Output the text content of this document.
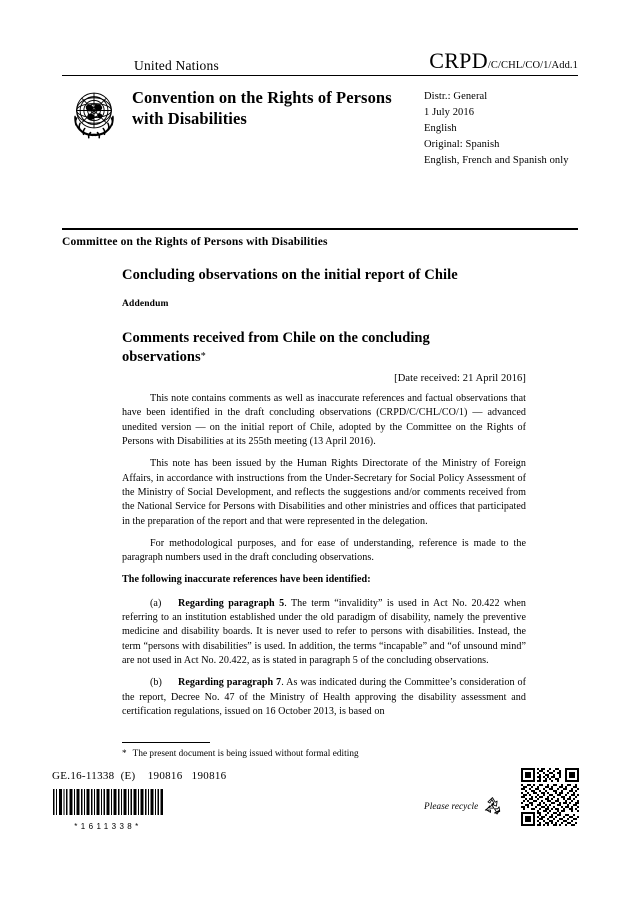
United Nations	CRPD /C/CHL/CO/1/Add.1
Convention on the Rights of Persons with Disabilities
Distr.: General
1 July 2016
English
Original: Spanish
English, French and Spanish only
Committee on the Rights of Persons with Disabilities
Concluding observations on the initial report of Chile
Addendum
Comments received from Chile on the concluding observations*
[Date received: 21 April 2016]

This note contains comments as well as inaccurate references and factual observations that have been identified in the draft concluding observations (CRPD/C/CHL/CO/1) — advanced unedited version — on the initial report of Chile, adopted by the Committee on the Rights of Persons with Disabilities at its 255th meeting (13 April 2016).

This note has been issued by the Human Rights Directorate of the Ministry of Foreign Affairs, in accordance with instructions from the Under-Secretary for Social Policy Assessment of the Ministry of Social Development, and reflects the suggestions and/or comments received from the National Service for Persons with Disabilities and other ministries and offices that participated in the preparation of the report and that were represented in the delegation.

For methodological purposes, and for ease of understanding, reference is made to the paragraph numbers used in the draft concluding observations.

The following inaccurate references have been identified:

(a) Regarding paragraph 5. The term “invalidity” is used in Act No. 20.422 when referring to an institution established under the old paradigm of disability, namely the preventive medicine and disability boards. It is never used to refer to persons with disabilities. Instead, the term “persons with disabilities” is used. In addition, the terms “incapable” and “of unsound mind” are not used in Act No. 20.422, as is stated in paragraph 5 of the concluding observations.

(b) Regarding paragraph 7. As was indicated during the Committee’s consideration of the report, Decree No. 47 of the Ministry of Health approving the disability assessment and certification regulations, issued on 16 October 2013, is based on

* The present document is being issued without formal editing
GE.16-11338  (E)    190816   190816
*1611338*
Please recycle
